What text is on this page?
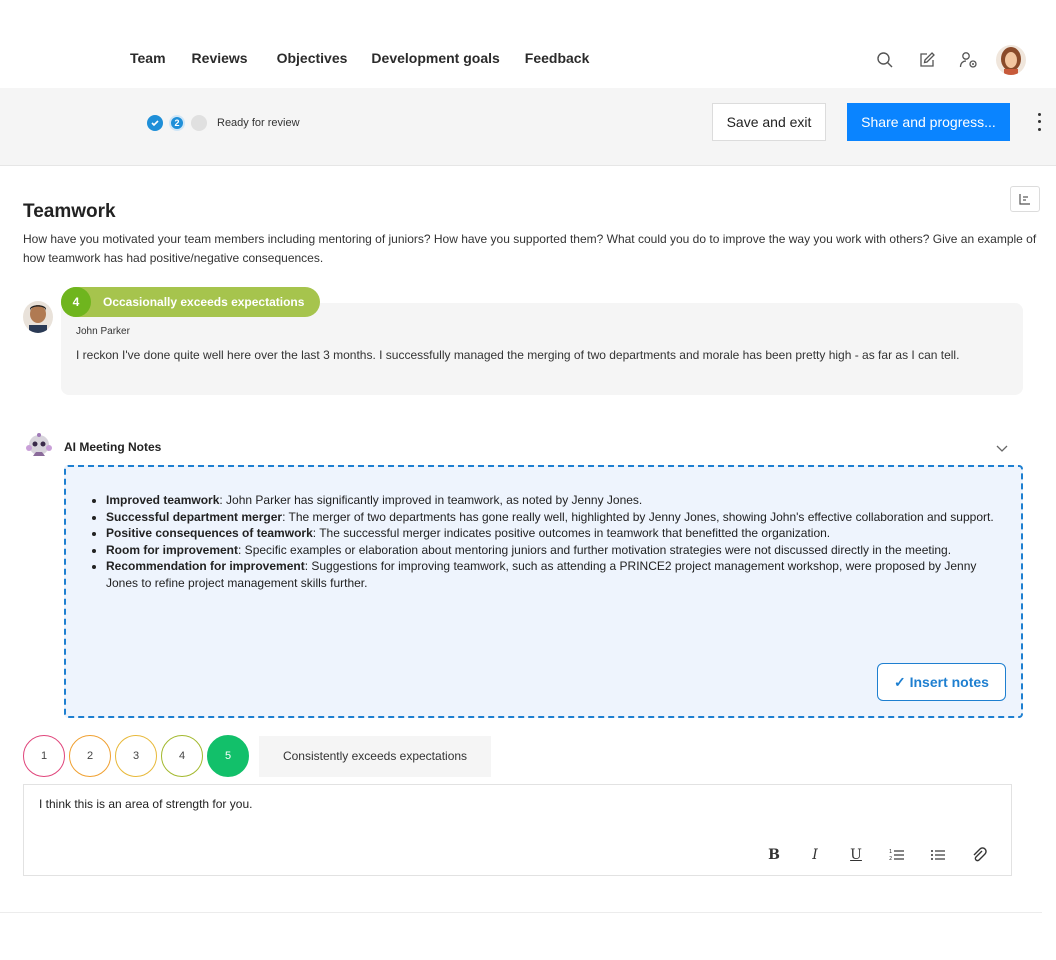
Team Reviews Objectives Development goals Feedback
2	Ready for review	Save and exit	Share and progress...
Teamwork
How have you motivated your team members including mentoring of juniors? How have you supported them? What could you do to improve the way you work with others? Give an example of how teamwork has had positive/negative consequences.
4	Occasionally exceeds expectations
John Parker
I reckon I've done quite well here over the last 3 months. I successfully managed the merging of two departments and morale has been pretty high - as far as I can tell.
AI Meeting Notes
• Improved teamwork: John Parker has significantly improved in teamwork, as noted by Jenny Jones.
• Successful department merger: The merger of two departments has gone really well, highlighted by Jenny Jones, showing John's effective collaboration and support.
• Positive consequences of teamwork: The successful merger indicates positive outcomes in teamwork that benefitted the organization.
• Room for improvement: Specific examples or elaboration about mentoring juniors and further motivation strategies were not discussed directly in the meeting.
• Recommendation for improvement: Suggestions for improving teamwork, such as attending a PRINCE2 project management workshop, were proposed by Jenny Jones to refine project management skills further.
✓ Insert notes
1	2	3	4	5	Consistently exceeds expectations
I think this is an area of strength for you.
B	I	U	1
2
